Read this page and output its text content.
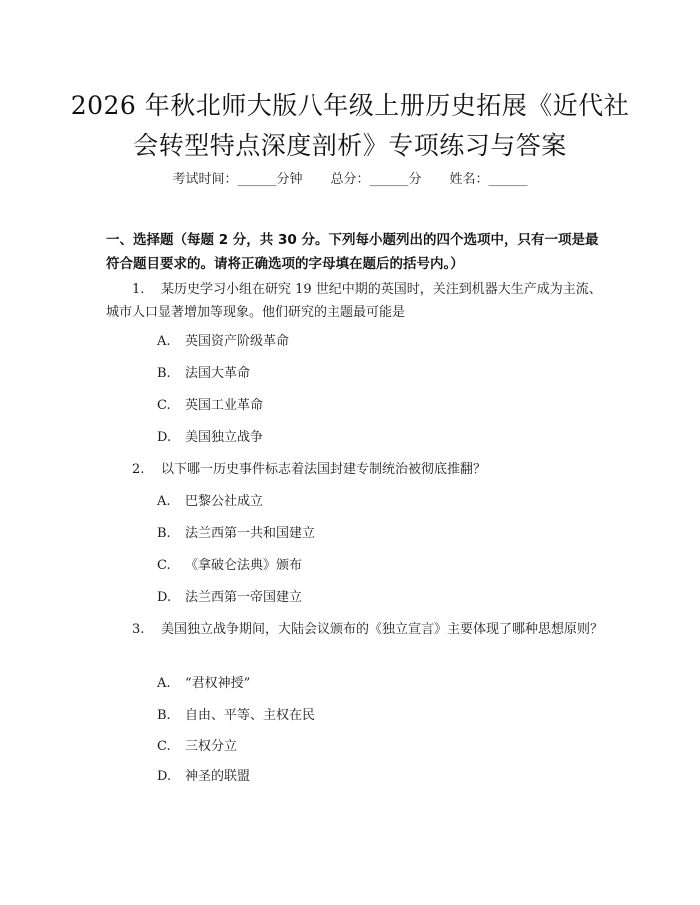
2026 年秋北师大版八年级上册历史拓展《近代社会转型特点深度剖析》专项练习与答案
考试时间：______分钟 总分：______分 姓名：______

一、选择题（每题 2 分，共 30 分。下列每小题列出的四个选项中，只有一项是最符合题目要求的。请将正确选项的字母填在题后的括号内。）

1. 某历史学习小组在研究 19 世纪中期的英国时，关注到机器大生产成为主流、城市人口显著增加等现象。他们研究的主题最可能是
A. 英国资产阶级革命
B. 法国大革命
C. 英国工业革命
D. 美国独立战争
2. 以下哪一历史事件标志着法国封建专制统治被彻底推翻？
A. 巴黎公社成立
B. 法兰西第一共和国建立
C. 《拿破仑法典》颁布
D. 法兰西第一帝国建立
3. 美国独立战争期间，大陆会议颁布的《独立宣言》主要体现了哪种思想原则？
A. “君权神授”
B. 自由、平等、主权在民
C. 三权分立
D. 神圣的联盟
